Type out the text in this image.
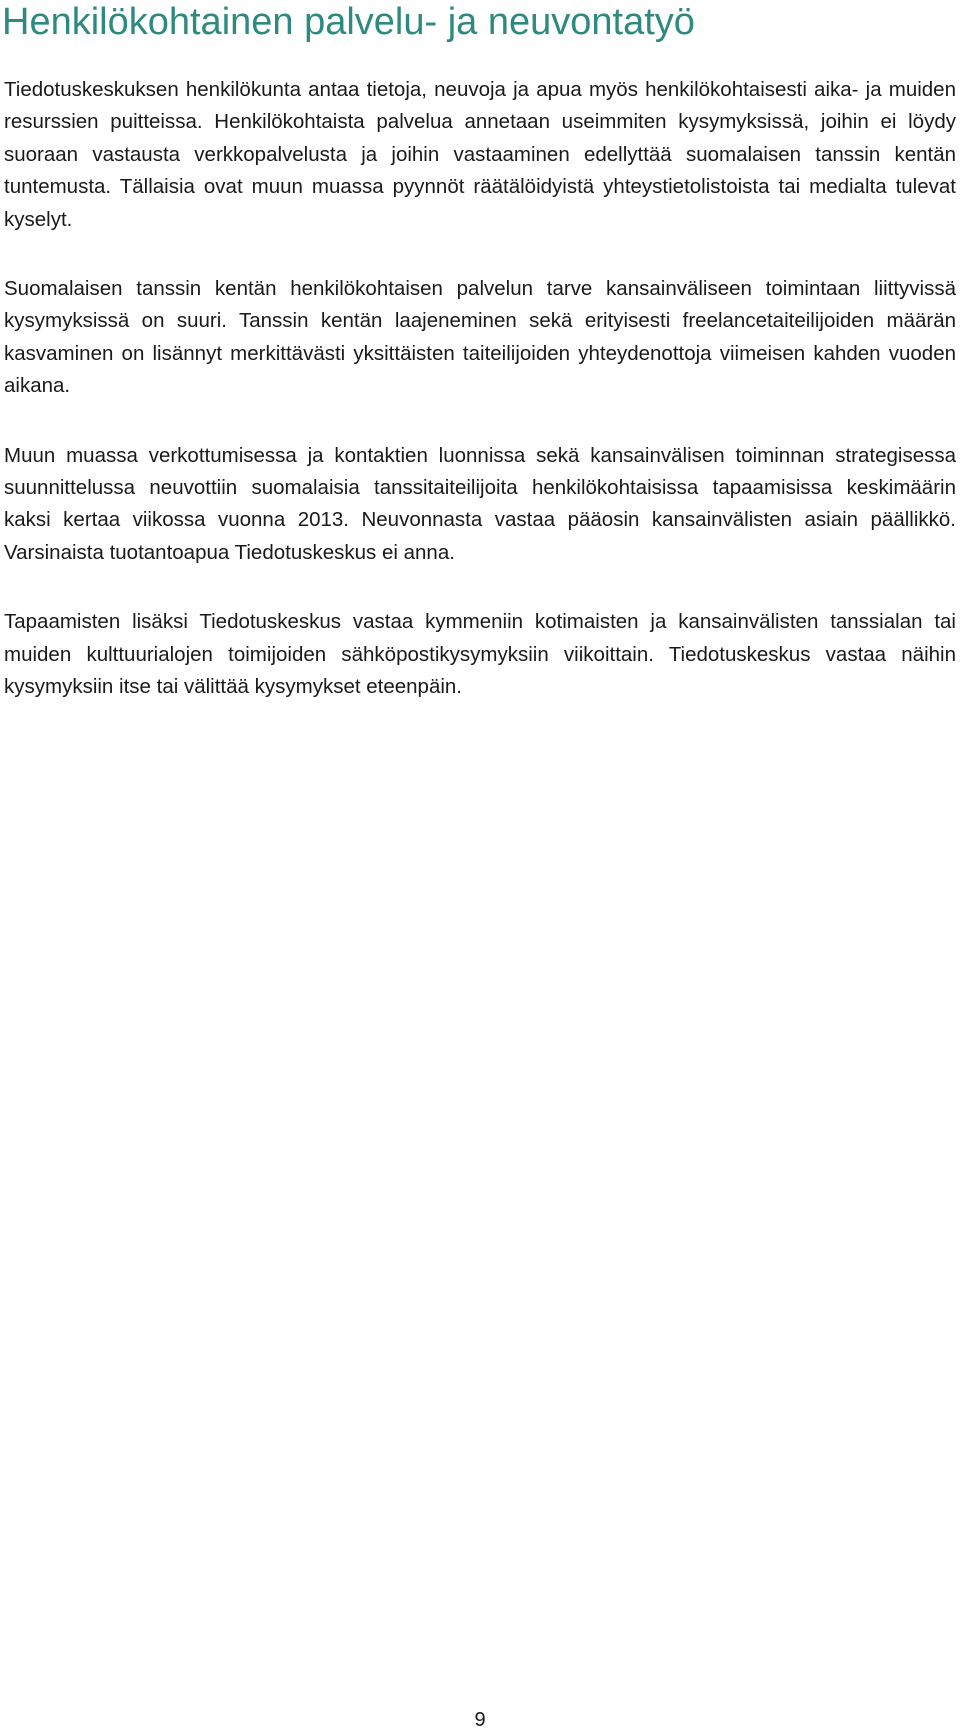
Henkilökohtainen palvelu- ja neuvontatyö

Tiedotuskeskuksen henkilökunta antaa tietoja, neuvoja ja apua myös henkilökohtaisesti aika- ja muiden resurssien puitteissa. Henkilökohtaista palvelua annetaan useimmiten kysymyksissä, joihin ei löydy suoraan vastausta verkkopalvelusta ja joihin vastaaminen edellyttää suomalaisen tanssin kentän tuntemusta. Tällaisia ovat muun muassa pyynnöt räätälöidyistä yhteystietolistoista tai medialta tulevat kyselyt.

Suomalaisen tanssin kentän henkilökohtaisen palvelun tarve kansainväliseen toimintaan liittyvissä kysymyksissä on suuri. Tanssin kentän laajeneminen sekä erityisesti freelancetaiteilijoiden määrän kasvaminen on lisännyt merkittävästi yksittäisten taiteilijoiden yhteydenottoja viimeisen kahden vuoden aikana.

Muun muassa verkottumisessa ja kontaktien luonnissa sekä kansainvälisen toiminnan strategisessa suunnittelussa neuvottiin suomalaisia tanssitaiteilijoita henkilökohtaisissa tapaamisissa keskimäärin kaksi kertaa viikossa vuonna 2013. Neuvonnasta vastaa pääosin kansainvälisten asiain päällikkö. Varsinaista tuotantoapua Tiedotuskeskus ei anna.

Tapaamisten lisäksi Tiedotuskeskus vastaa kymmeniin kotimaisten ja kansainvälisten tanssialan tai muiden kulttuurialojen toimijoiden sähköpostikysymyksiin viikoittain. Tiedotuskeskus vastaa näihin kysymyksiin itse tai välittää kysymykset eteenpäin.

9
